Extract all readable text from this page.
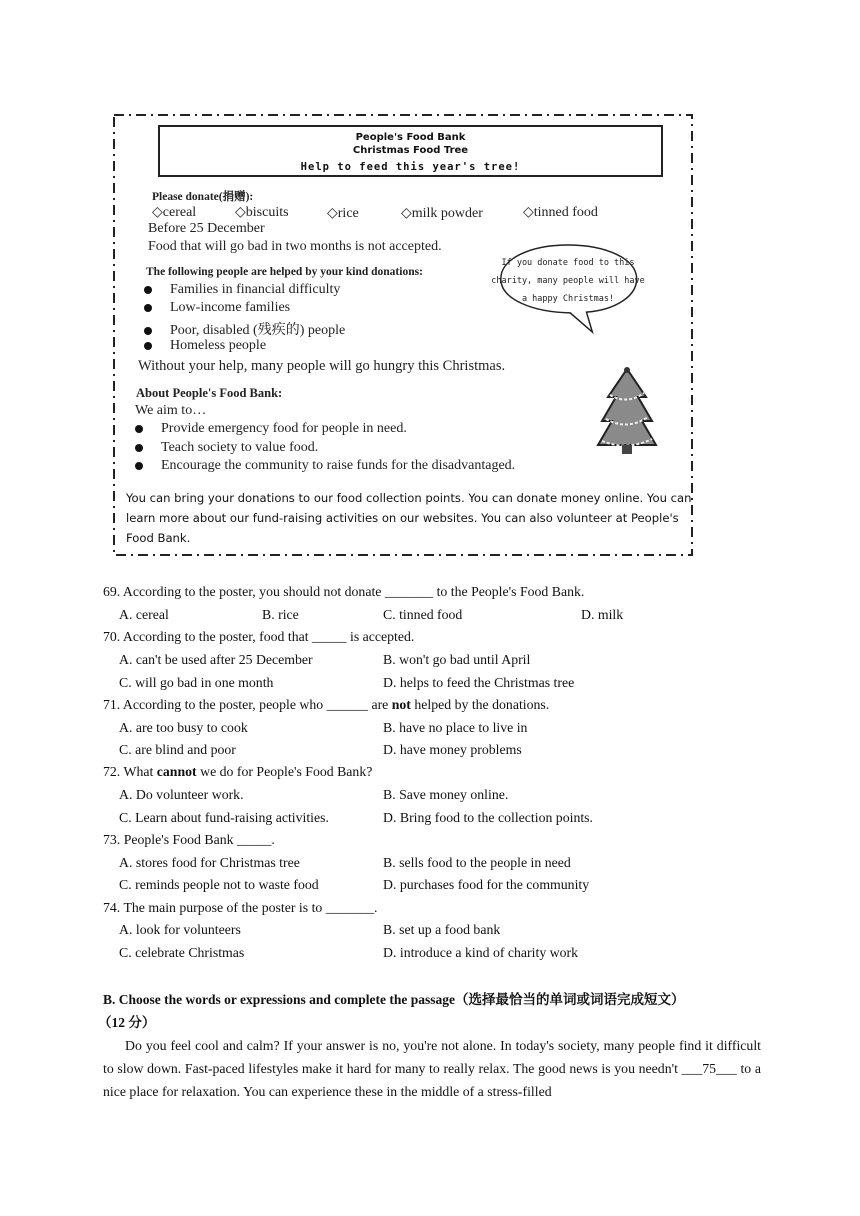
People's Food Bank
Christmas Food Tree
Help to feed this year's tree!
Please donate(捐赠):
◇cereal	◇biscuits	◇rice	◇milk powder	◇tinned food
Before 25 December
Food that will go bad in two months is not accepted.
The following people are helped by your kind donations:
Families in financial difficulty
Low-income families
Poor, disabled (残疾的) people
Homeless people
Without your help, many people will go hungry this Christmas.
If you donate food to this charity, many people will have a happy Christmas!
About People's Food Bank:
We aim to…
Provide emergency food for people in need.
Teach society to value food.
Encourage the community to raise funds for the disadvantaged.
You can bring your donations to our food collection points. You can donate money online. You can learn more about our fund-raising activities on our websites. You can also volunteer at People's Food Bank.
69. According to the poster, you should not donate _______ to the People's Food Bank.
A. cereal	B. rice	C. tinned food	D. milk
70. According to the poster, food that _____ is accepted.
A. can't be used after 25 December	B. won't go bad until April
C. will go bad in one month	D. helps to feed the Christmas tree
71. According to the poster, people who ______ are not helped by the donations.
A. are too busy to cook	B. have no place to live in
C. are blind and poor	D. have money problems
72. What cannot we do for People's Food Bank?
A. Do volunteer work.	B. Save money online.
C. Learn about fund-raising activities.	D. Bring food to the collection points.
73. People's Food Bank _____.
A. stores food for Christmas tree	B. sells food to the people in need
C. reminds people not to waste food	D. purchases food for the community
74. The main purpose of the poster is to _______.
A. look for volunteers	B. set up a food bank
C. celebrate Christmas	D. introduce a kind of charity work
B. Choose the words or expressions and complete the passage（选择最恰当的单词或词语完成短文）
（12 分）
Do you feel cool and calm? If your answer is no, you're not alone. In today's society, many people find it difficult to slow down. Fast-paced lifestyles make it hard for many to really relax. The good news is you needn't ___75___ to a nice place for relaxation. You can experience these in the middle of a stress-filled
